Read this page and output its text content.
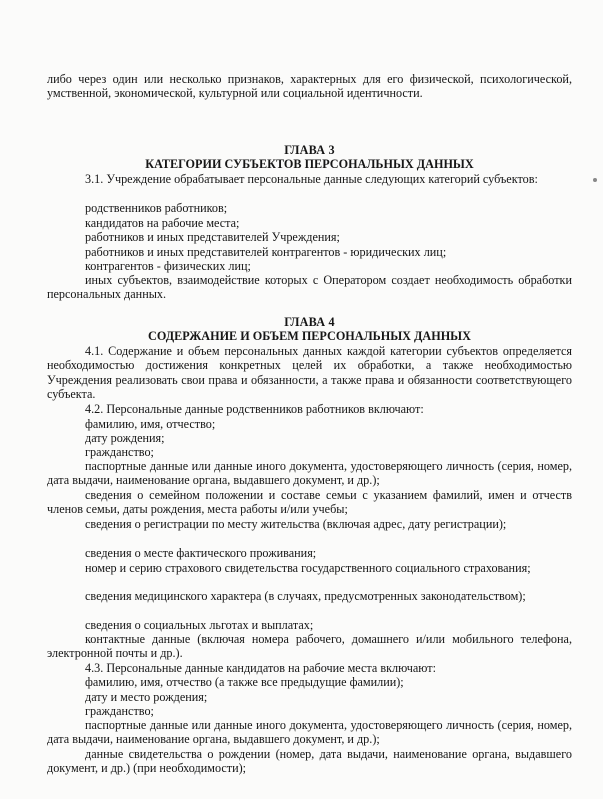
либо через один или несколько признаков, характерных для его физической, психологической, умственной, экономической, культурной или социальной идентичности.

ГЛАВА 3

КАТЕГОРИИ СУБЪЕКТОВ ПЕРСОНАЛЬНЫХ ДАННЫХ

3.1. Учреждение обрабатывает персональные данные следующих категорий субъектов:

родственников работников;

кандидатов на рабочие места;

работников и иных представителей Учреждения;

работников и иных представителей контрагентов - юридических лиц;

контрагентов - физических лиц;

иных субъектов, взаимодействие которых с Оператором создает необходимость обработки персональных данных.

ГЛАВА 4

СОДЕРЖАНИЕ И ОБЪЕМ ПЕРСОНАЛЬНЫХ ДАННЫХ

4.1. Содержание и объем персональных данных каждой категории субъектов определяется необходимостью достижения конкретных целей их обработки, а также необходимостью Учреждения реализовать свои права и обязанности, а также права и обязанности соответствующего субъекта.

4.2. Персональные данные родственников работников включают:

фамилию, имя, отчество;

дату рождения;

гражданство;

паспортные данные или данные иного документа, удостоверяющего личность (серия, номер, дата выдачи, наименование органа, выдавшего документ, и др.);

сведения о семейном положении и составе семьи с указанием фамилий, имен и отчеств членов семьи, даты рождения, места работы и/или учебы;

сведения о регистрации по месту жительства (включая адрес, дату регистрации);

сведения о месте фактического проживания;

номер и серию страхового свидетельства государственного социального страхования;

сведения медицинского характера (в случаях, предусмотренных законодательством);

сведения о социальных льготах и выплатах;

контактные данные (включая номера рабочего, домашнего и/или мобильного телефона, электронной почты и др.).

4.3. Персональные данные кандидатов на рабочие места включают:

фамилию, имя, отчество (а также все предыдущие фамилии);

дату и место рождения;

гражданство;

паспортные данные или данные иного документа, удостоверяющего личность (серия, номер, дата выдачи, наименование органа, выдавшего документ, и др.);

данные свидетельства о рождении (номер, дата выдачи, наименование органа, выдавшего документ, и др.) (при необходимости);
